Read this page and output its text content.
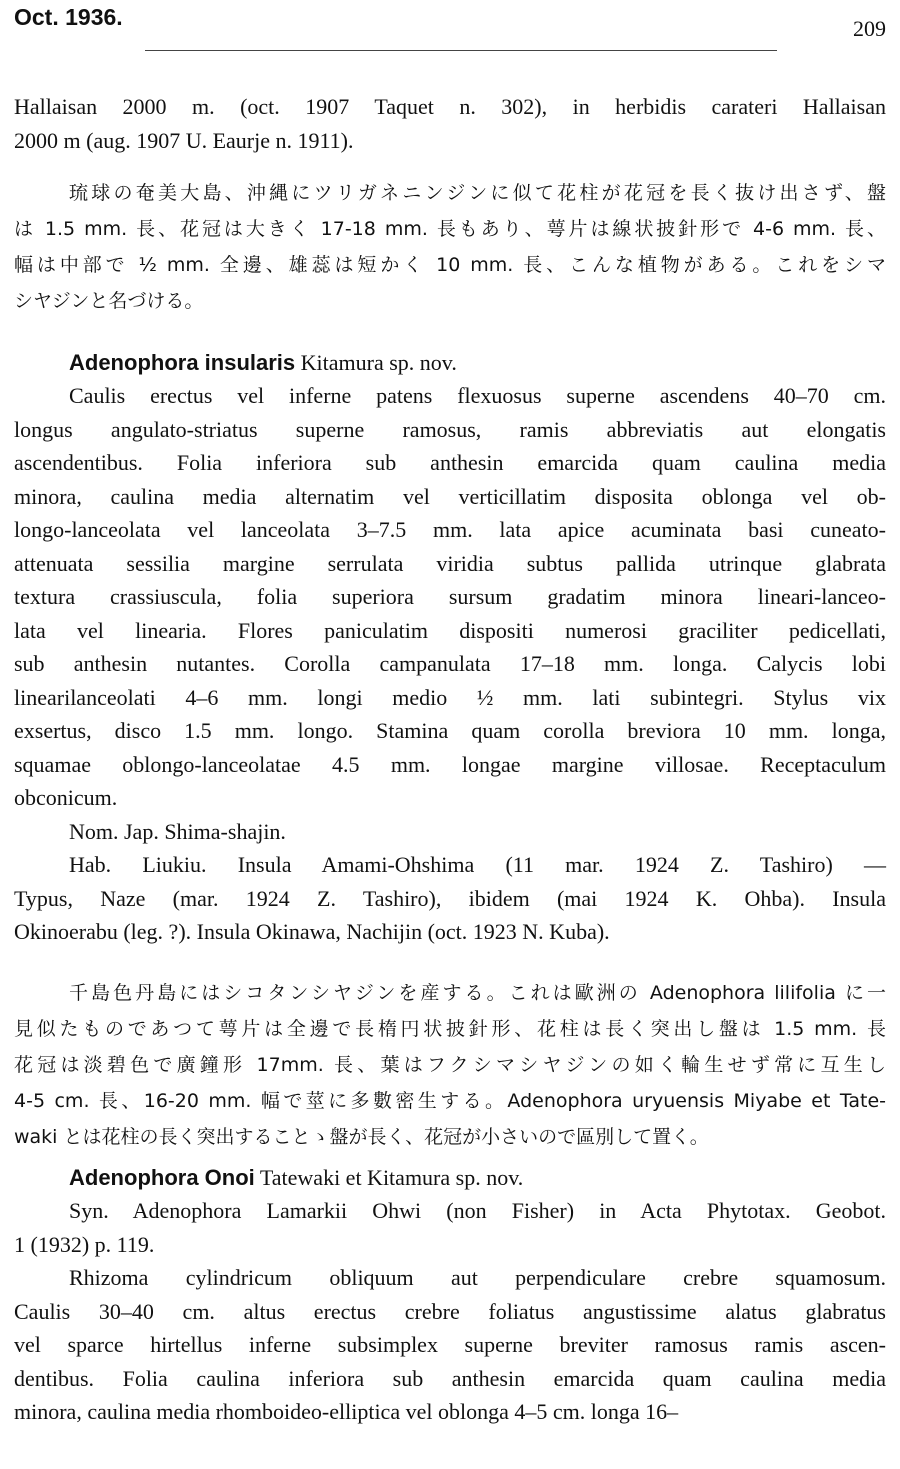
Oct. 1936.	209
Hallaisan 2000 m. (oct. 1907 Taquet n. 302), in herbidis carateri Hallaisan
2000 m (aug. 1907 U. Eaurje n. 1911).
琉球の奄美大島、沖縄にツリガネニンジンに似て花柱が花冠を長く抜け出さず、盤
は 1.5 mm. 長、花冠は大きく 17-18 mm. 長もあり、萼片は線状披針形で 4-6 mm. 長、
幅は中部で ½ mm. 全邊、雄蕊は短かく 10 mm. 長、こんな植物がある。これをシマ
シヤジンと名づける。
Adenophora insularis Kitamura sp. nov.
Caulis erectus vel inferne patens flexuosus superne ascendens 40–70 cm.
longus angulato-striatus superne ramosus, ramis abbreviatis aut elongatis
ascendentibus. Folia inferiora sub anthesin emarcida quam caulina media
minora, caulina media alternatim vel verticillatim disposita oblonga vel ob-
longo-lanceolata vel lanceolata 3–7.5 mm. lata apice acuminata basi cuneato-
attenuata sessilia margine serrulata viridia subtus pallida utrinque glabrata
textura crassiuscula, folia superiora sursum gradatim minora lineari-lanceo-
lata vel linearia. Flores paniculatim dispositi numerosi graciliter pedicellati,
sub anthesin nutantes. Corolla campanulata 17–18 mm. longa. Calycis lobi
linearilanceolati 4–6 mm. longi medio ½ mm. lati subintegri. Stylus vix
exsertus, disco 1.5 mm. longo. Stamina quam corolla breviora 10 mm. longa,
squamae oblongo-lanceolatae 4.5 mm. longae margine villosae. Receptaculum
obconicum.
Nom. Jap. Shima-shajin.
Hab. Liukiu. Insula Amami-Ohshima (11 mar. 1924 Z. Tashiro) —
Typus, Naze (mar. 1924 Z. Tashiro), ibidem (mai 1924 K. Ohba). Insula
Okinoerabu (leg. ?). Insula Okinawa, Nachijin (oct. 1923 N. Kuba).
千島色丹島にはシコタンシヤジンを産する。これは歐洲の Adenophora lilifolia に一
見似たものであつて萼片は全邊で長楕円状披針形、花柱は長く突出し盤は 1.5 mm. 長
花冠は淡碧色で廣鐘形 17mm. 長、葉はフクシマシヤジンの如く輪生せず常に互生し
4-5 cm. 長、16-20 mm. 幅で莖に多數密生する。Adenophora uryuensis Miyabe et Tate-
waki とは花柱の長く突出することゝ盤が長く、花冠が小さいので區別して置く。
Adenophora Onoi Tatewaki et Kitamura sp. nov.
Syn. Adenophora Lamarkii Ohwi (non Fisher) in Acta Phytotax. Geobot.
1 (1932) p. 119.
Rhizoma cylindricum obliquum aut perpendiculare crebre squamosum.
Caulis 30–40 cm. altus erectus crebre foliatus angustissime alatus glabratus
vel sparce hirtellus inferne subsimplex superne breviter ramosus ramis ascen-
dentibus. Folia caulina inferiora sub anthesin emarcida quam caulina media
minora, caulina media rhomboideo-elliptica vel oblonga 4–5 cm. longa 16–
